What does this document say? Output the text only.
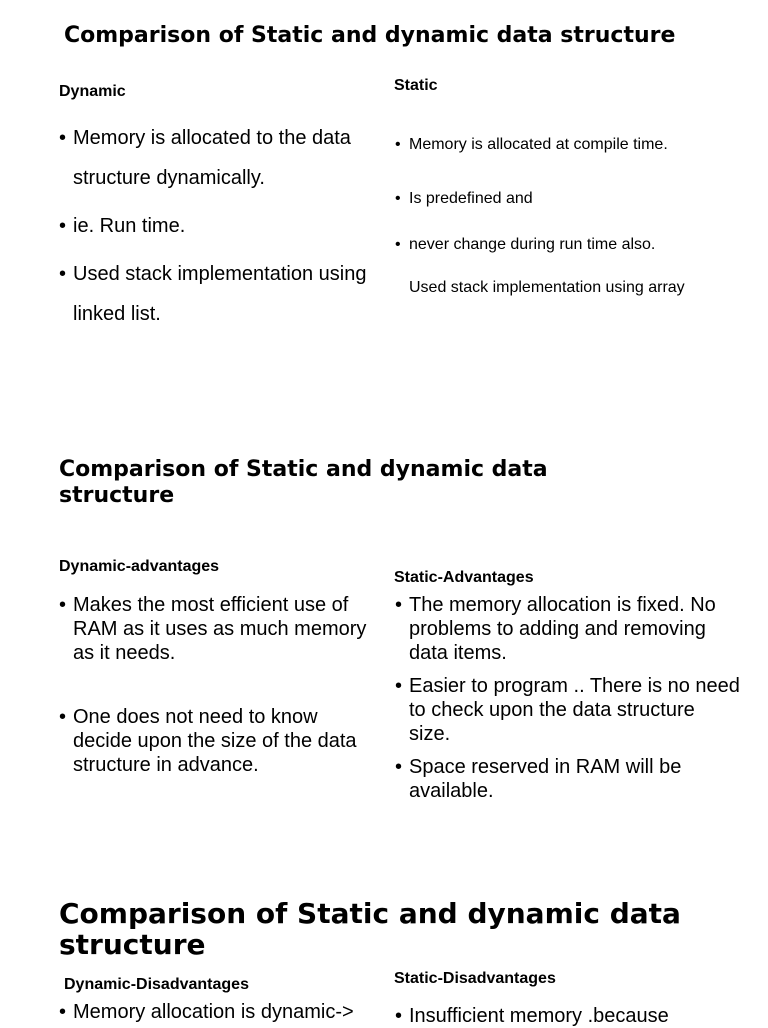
Comparison of Static and dynamic data structure
Dynamic	Static
• Memory is allocated to the data structure dynamically.
• ie. Run time.
• Used stack implementation using linked list.
• Memory is allocated at compile time.
• Is predefined and
• never change during run time also.
Used stack implementation using array
Comparison of Static and dynamic data structure
Dynamic-advantages
Static-Advantages
• Makes the most efficient use of RAM as it uses as much memory as it needs.
• One does not need to know decide upon the size of the data structure in advance.
• The memory allocation is fixed. No problems to adding and removing data items.
• Easier to program .. There is no need to check upon the data structure size.
• Space reserved in RAM will be available.
Comparison of Static and dynamic data structure
Dynamic-Disadvantages	Static-Disadvantages
• Memory allocation is dynamic->
•	Insufficient memory .because
